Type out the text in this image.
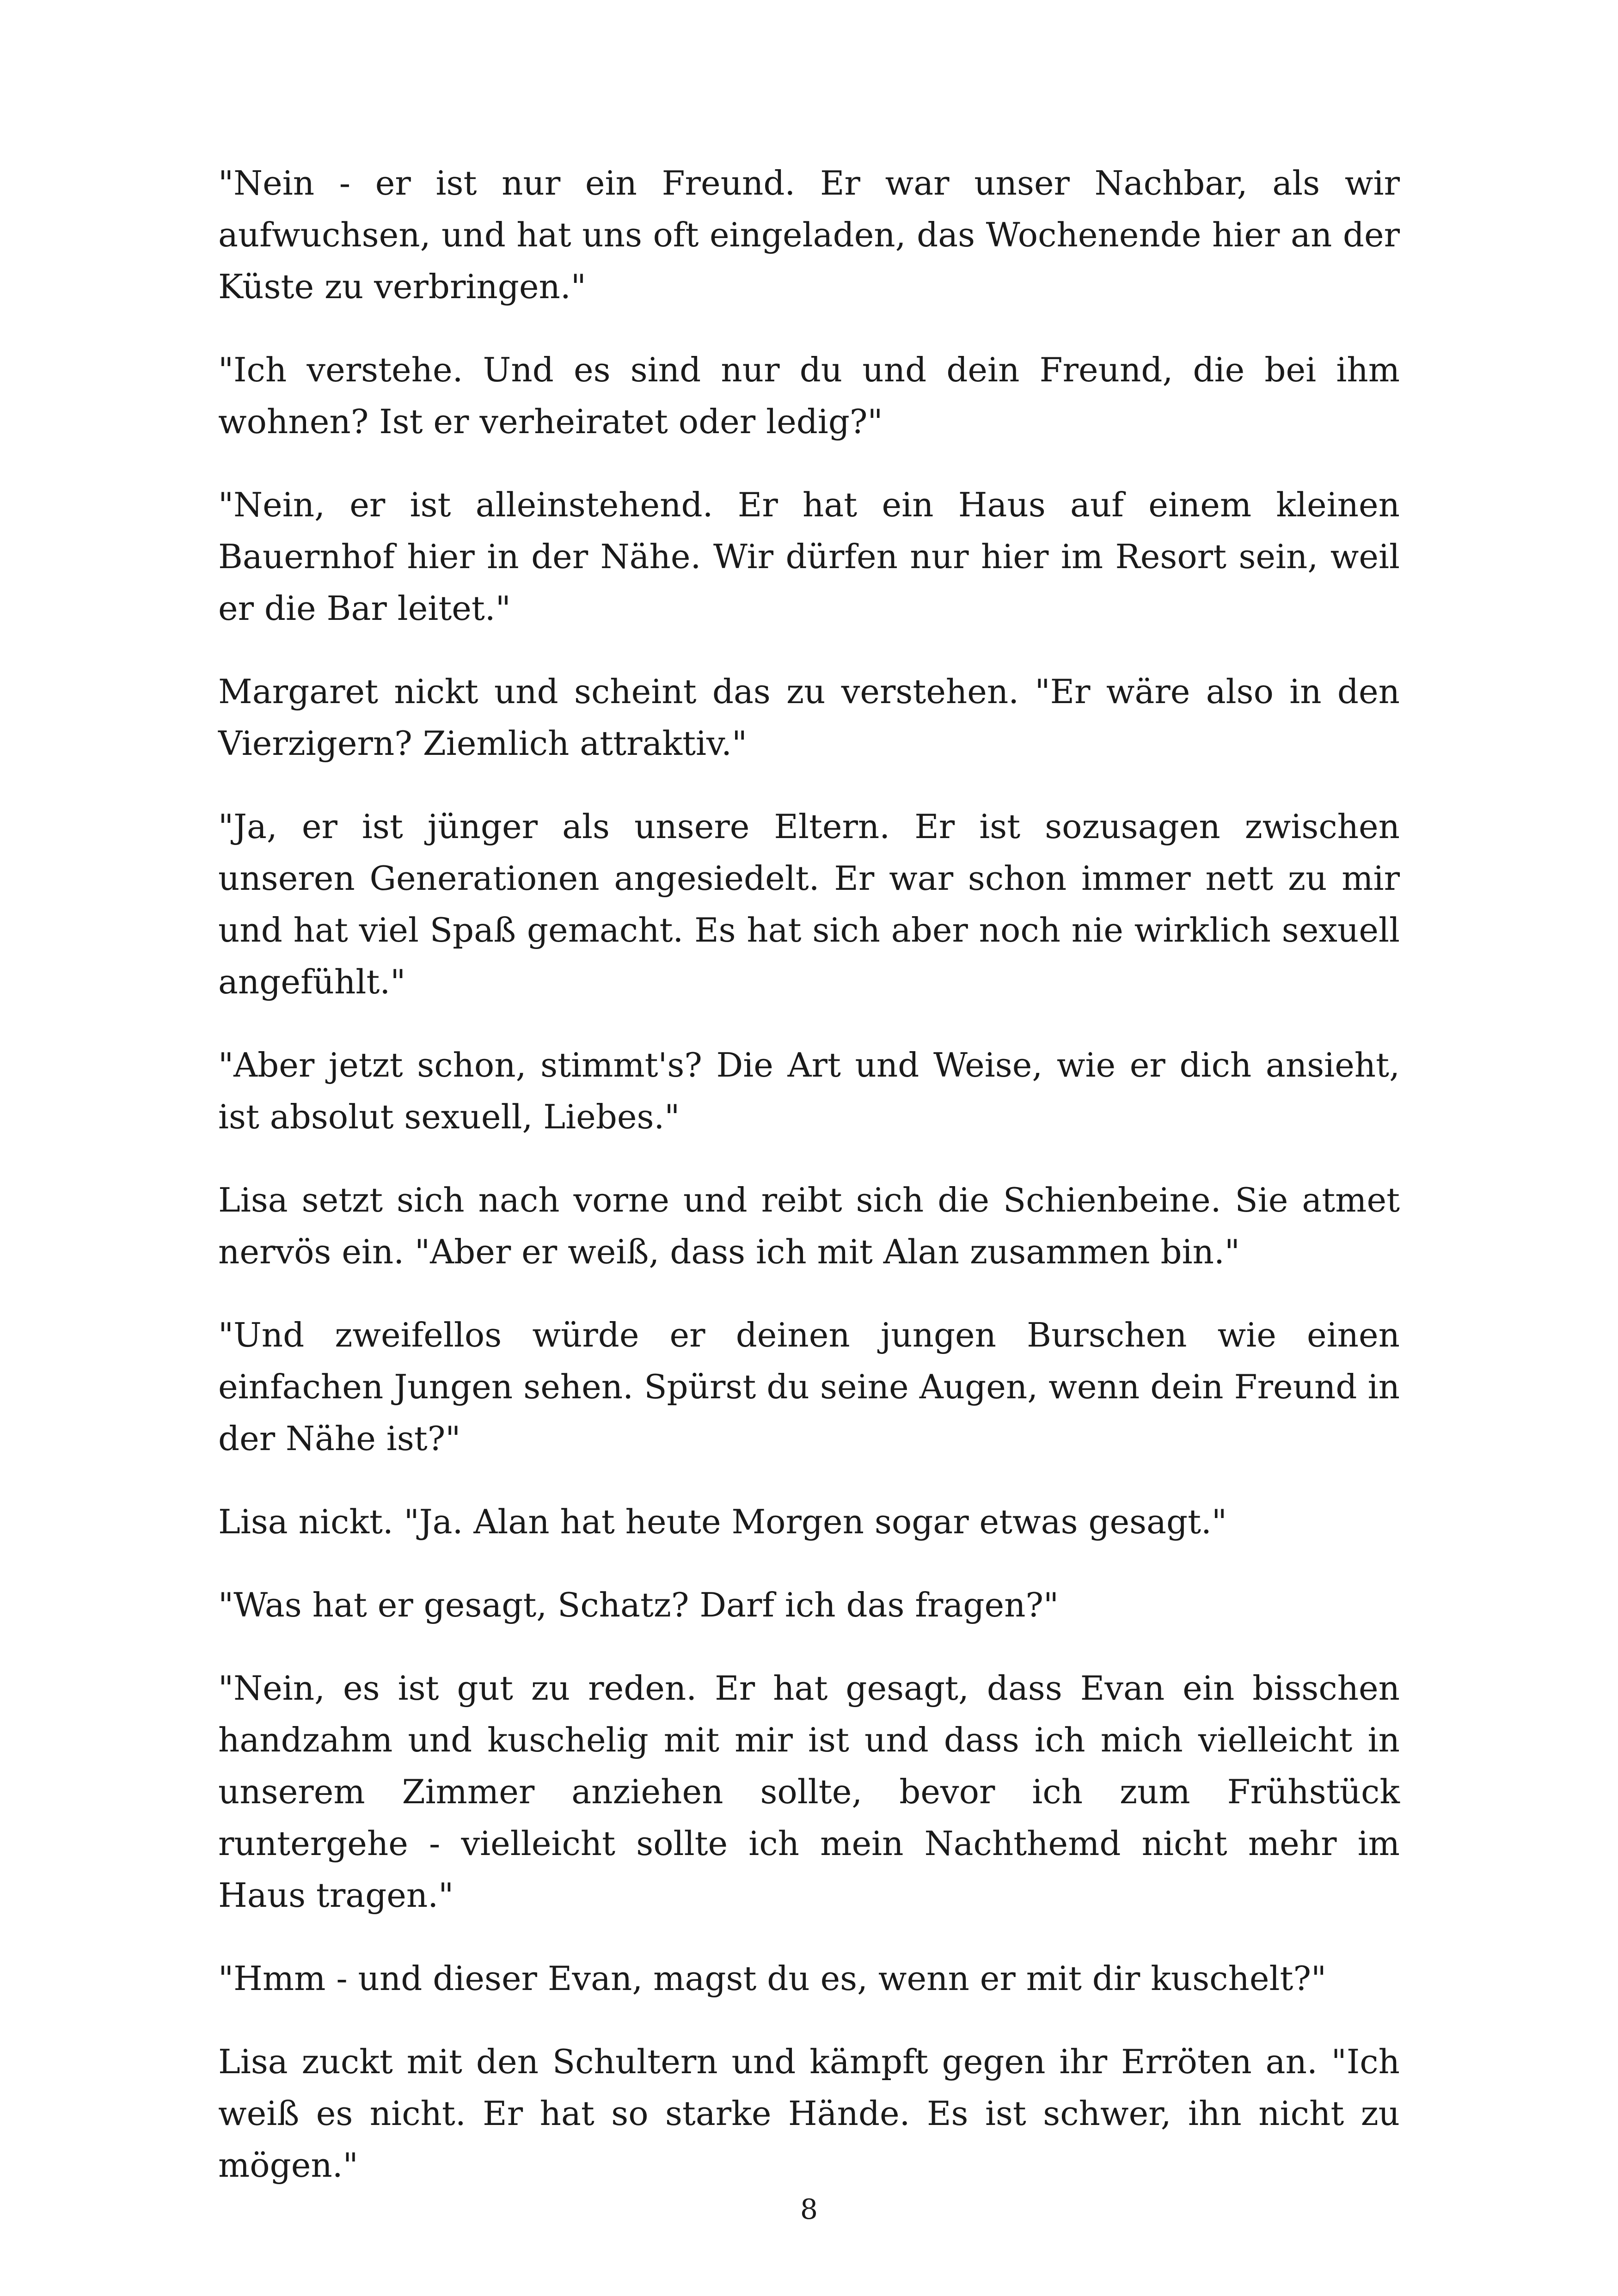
"Nein - er ist nur ein Freund. Er war unser Nachbar, als wir aufwuchsen, und hat uns oft eingeladen, das Wochenende hier an der Küste zu verbringen."

"Ich verstehe. Und es sind nur du und dein Freund, die bei ihm wohnen? Ist er verheiratet oder ledig?"

"Nein, er ist alleinstehend. Er hat ein Haus auf einem kleinen Bauernhof hier in der Nähe. Wir dürfen nur hier im Resort sein, weil er die Bar leitet."

Margaret nickt und scheint das zu verstehen. "Er wäre also in den Vierzigern? Ziemlich attraktiv."

"Ja, er ist jünger als unsere Eltern. Er ist sozusagen zwischen unseren Generationen angesiedelt. Er war schon immer nett zu mir und hat viel Spaß gemacht. Es hat sich aber noch nie wirklich sexuell angefühlt."

"Aber jetzt schon, stimmt's? Die Art und Weise, wie er dich ansieht, ist absolut sexuell, Liebes."

Lisa setzt sich nach vorne und reibt sich die Schienbeine. Sie atmet nervös ein. "Aber er weiß, dass ich mit Alan zusammen bin."

"Und zweifellos würde er deinen jungen Burschen wie einen einfachen Jungen sehen. Spürst du seine Augen, wenn dein Freund in der Nähe ist?"

Lisa nickt. "Ja. Alan hat heute Morgen sogar etwas gesagt."

"Was hat er gesagt, Schatz? Darf ich das fragen?"

"Nein, es ist gut zu reden. Er hat gesagt, dass Evan ein bisschen handzahm und kuschelig mit mir ist und dass ich mich vielleicht in unserem Zimmer anziehen sollte, bevor ich zum Frühstück runtergehe - vielleicht sollte ich mein Nachthemd nicht mehr im Haus tragen."

"Hmm - und dieser Evan, magst du es, wenn er mit dir kuschelt?"

Lisa zuckt mit den Schultern und kämpft gegen ihr Erröten an. "Ich weiß es nicht. Er hat so starke Hände. Es ist schwer, ihn nicht zu mögen."

8
